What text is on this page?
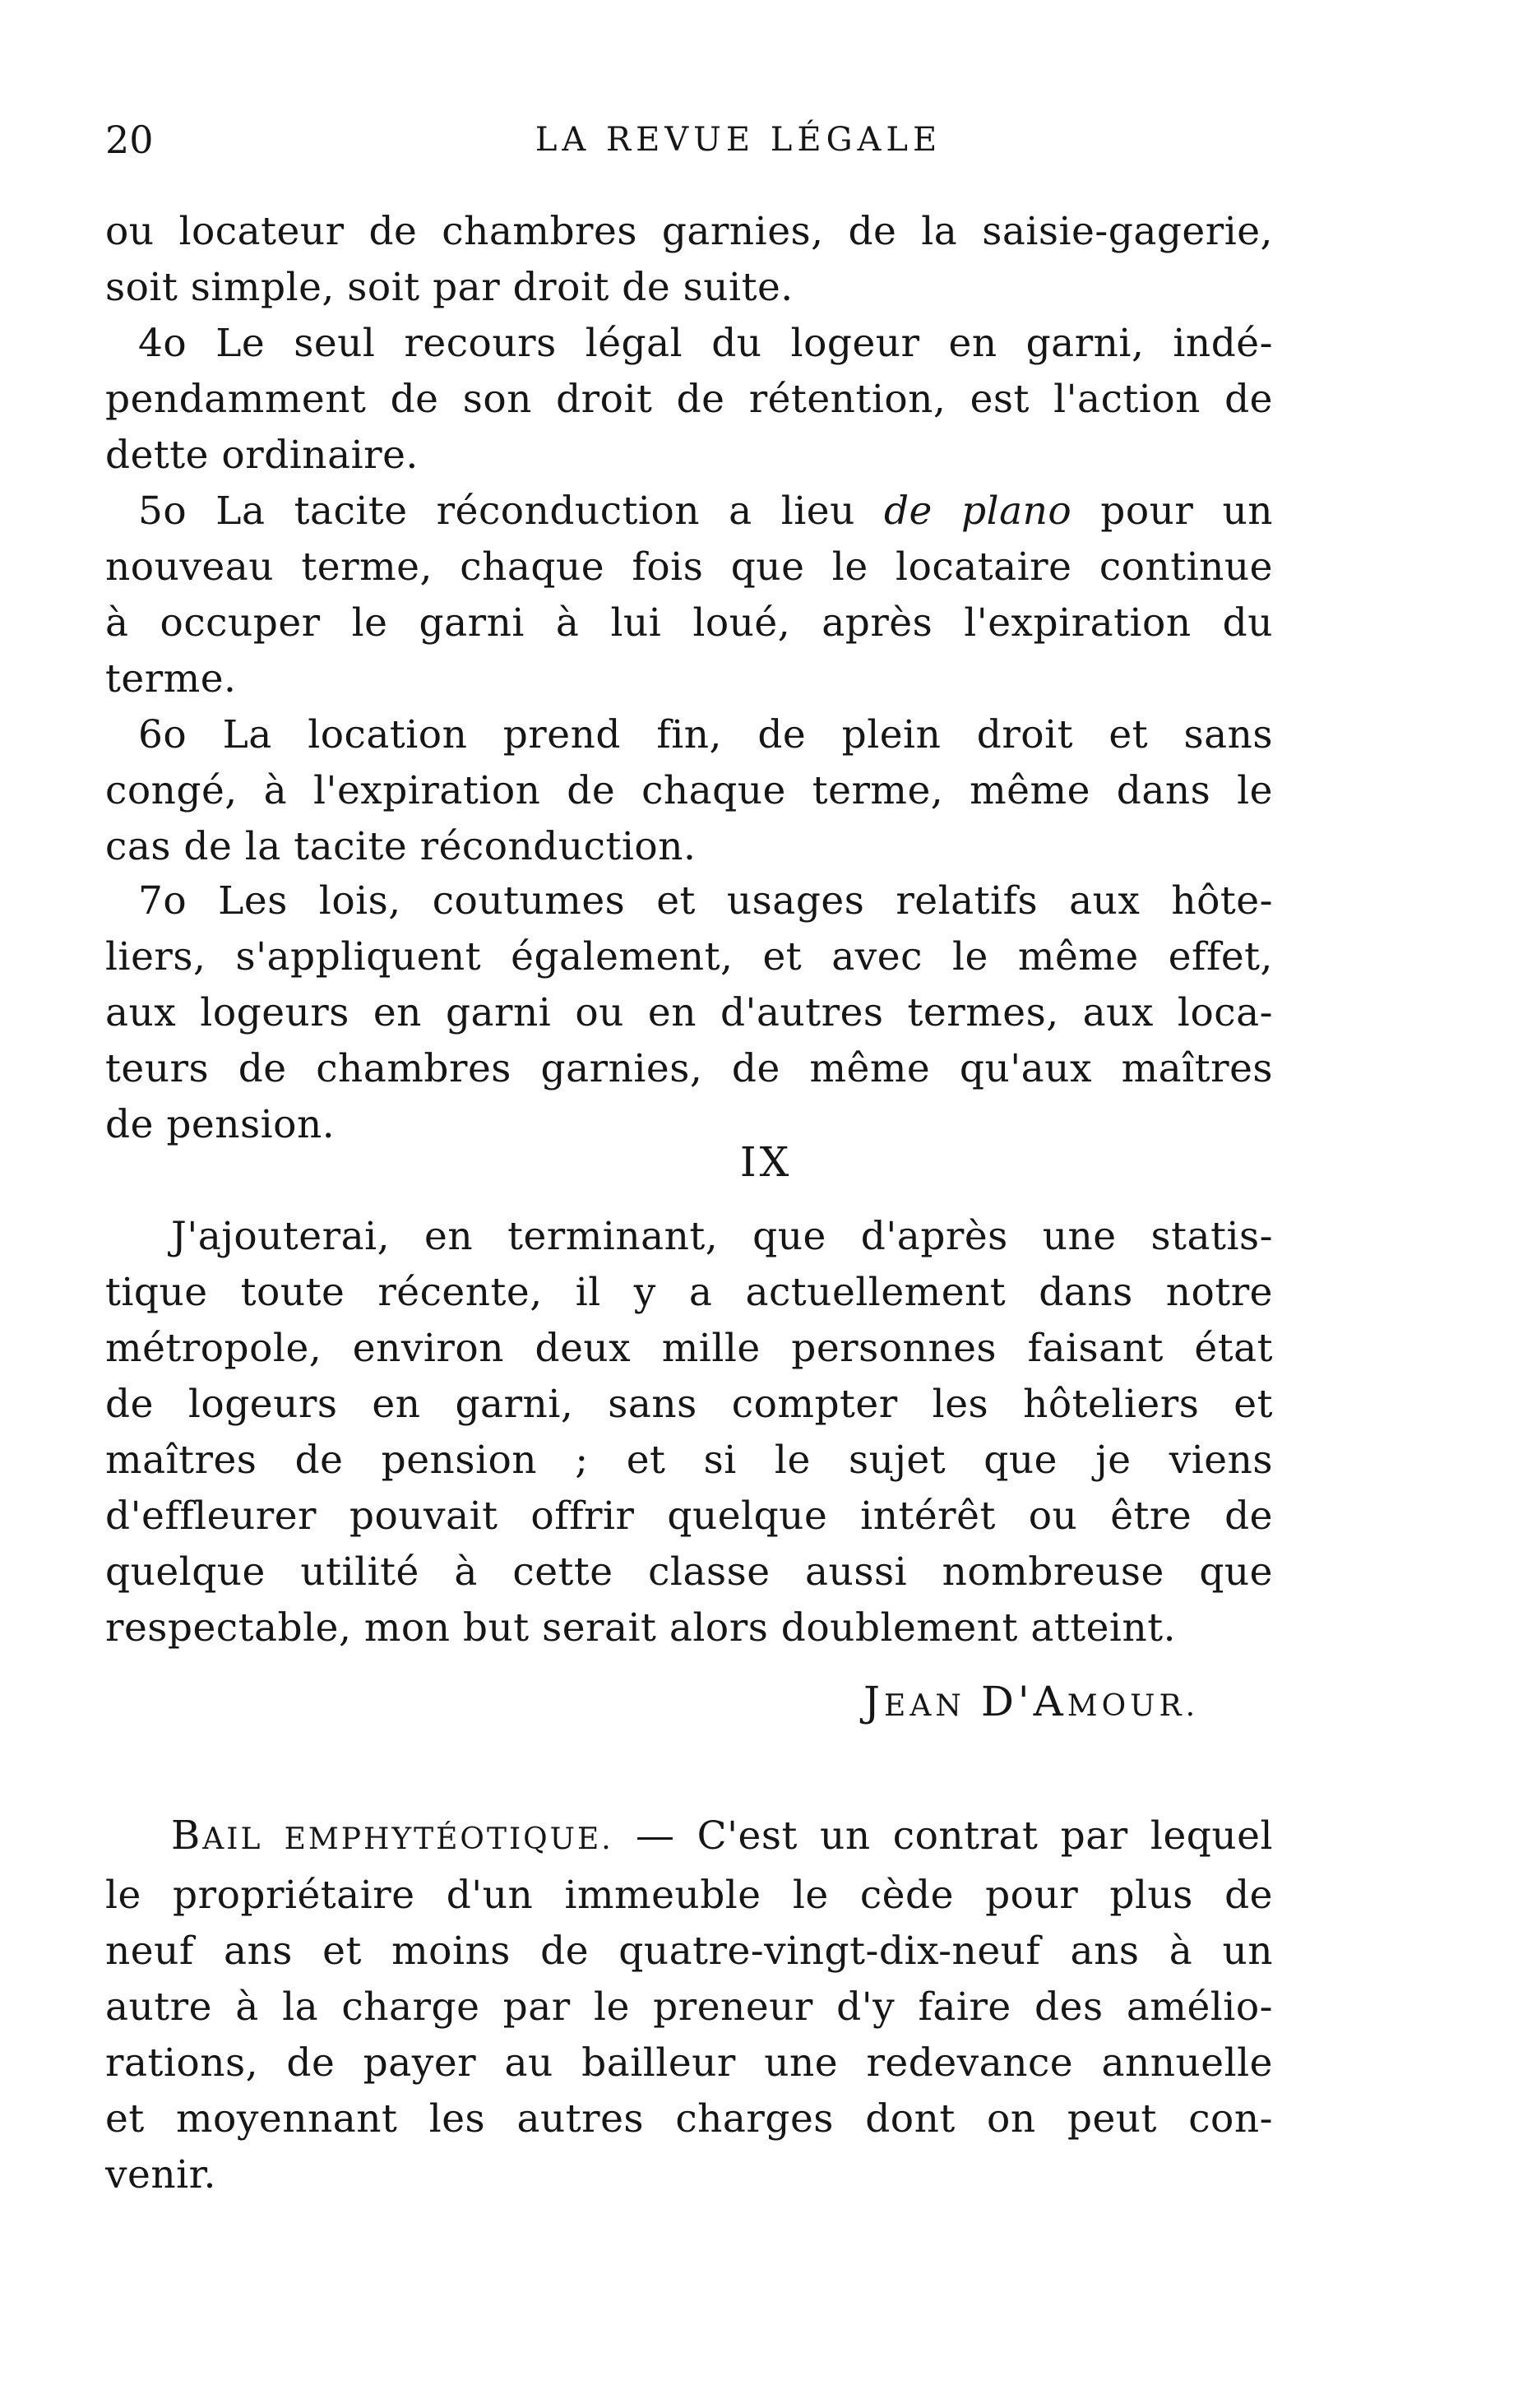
20	LA REVUE LÉGALE
ou locateur de chambres garnies, de la saisie-gagerie,
soit simple, soit par droit de suite.
4o Le seul recours légal du logeur en garni, indé-
pendamment de son droit de rétention, est l'action de
dette ordinaire.
5o La tacite réconduction a lieu de plano pour un
nouveau terme, chaque fois que le locataire continue
à occuper le garni à lui loué, après l'expiration du
terme.
6o La location prend fin, de plein droit et sans
congé, à l'expiration de chaque terme, même dans le
cas de la tacite réconduction.
7o Les lois, coutumes et usages relatifs aux hôte-
liers, s'appliquent également, et avec le même effet,
aux logeurs en garni ou en d'autres termes, aux loca-
teurs de chambres garnies, de même qu'aux maîtres
de pension.
IX
J'ajouterai, en terminant, que d'après une statis-
tique toute récente, il y a actuellement dans notre
métropole, environ deux mille personnes faisant état
de logeurs en garni, sans compter les hôteliers et
maîtres de pension ; et si le sujet que je viens
d'effleurer pouvait offrir quelque intérêt ou être de
quelque utilité à cette classe aussi nombreuse que
respectable, mon but serait alors doublement atteint.
JEAN D'AMOUR.
BAIL EMPHYTÉOTIQUE. — C'est un contrat par lequel
le propriétaire d'un immeuble le cède pour plus de
neuf ans et moins de quatre-vingt-dix-neuf ans à un
autre à la charge par le preneur d'y faire des amélio-
rations, de payer au bailleur une redevance annuelle
et moyennant les autres charges dont on peut con-
venir.
